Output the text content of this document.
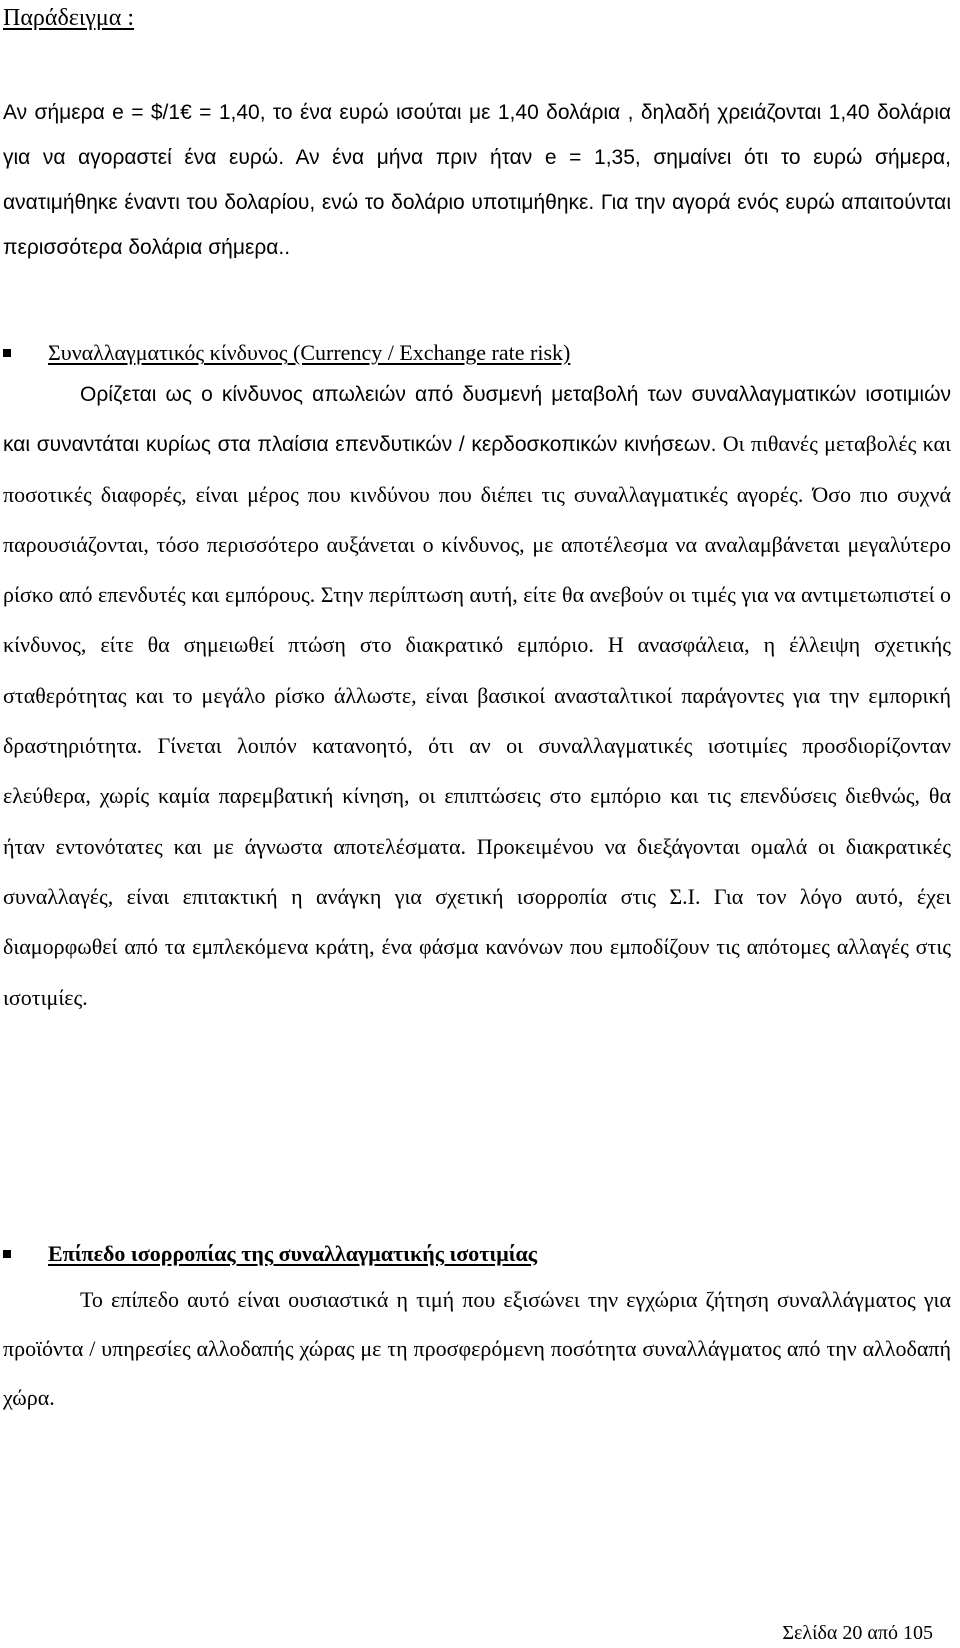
Παράδειγμα :

Αν σήμερα e = $/1€ = 1,40, το ένα ευρώ ισούται με 1,40 δολάρια , δηλαδή χρειάζονται 1,40 δολάρια για να αγοραστεί ένα ευρώ. Αν ένα μήνα πριν ήταν e = 1,35, σημαίνει ότι το ευρώ σήμερα, ανατιμήθηκε έναντι του δολαρίου, ενώ το δολάριο υποτιμήθηκε. Για την αγορά ενός ευρώ απαιτούνται περισσότερα δολάρια σήμερα..

Συναλλαγματικός κίνδυνος (Currency / Exchange rate risk)

Ορίζεται ως ο κίνδυνος απωλειών από δυσμενή μεταβολή των συναλλαγματικών ισοτιμιών και συναντάται κυρίως στα πλαίσια επενδυτικών / κερδοσκοπικών κινήσεων. Οι πιθανές μεταβολές και ποσοτικές διαφορές, είναι μέρος που κινδύνου που διέπει τις συναλλαγματικές αγορές. Όσο πιο συχνά παρουσιάζονται, τόσο περισσότερο αυξάνεται ο κίνδυνος, με αποτέλεσμα να αναλαμβάνεται μεγαλύτερο ρίσκο από επενδυτές και εμπόρους. Στην περίπτωση αυτή, είτε θα ανεβούν οι τιμές για να αντιμετωπιστεί ο κίνδυνος, είτε θα σημειωθεί πτώση στο διακρατικό εμπόριο. Η ανασφάλεια, η έλλειψη σχετικής σταθερότητας και το μεγάλο ρίσκο άλλωστε, είναι βασικοί ανασταλτικοί παράγοντες για την εμπορική δραστηριότητα. Γίνεται λοιπόν κατανοητό, ότι αν οι συναλλαγματικές ισοτιμίες προσδιορίζονταν ελεύθερα, χωρίς καμία παρεμβατική κίνηση, οι επιπτώσεις στο εμπόριο και τις επενδύσεις διεθνώς, θα ήταν εντονότατες και με άγνωστα αποτελέσματα. Προκειμένου να διεξάγονται ομαλά οι διακρατικές συναλλαγές, είναι επιτακτική η ανάγκη για σχετική ισορροπία στις Σ.Ι. Για τον λόγο αυτό, έχει διαμορφωθεί από τα εμπλεκόμενα κράτη, ένα φάσμα κανόνων που εμποδίζουν τις απότομες αλλαγές στις ισοτιμίες.

Επίπεδο ισορροπίας της συναλλαγματικής ισοτιμίας

Το επίπεδο αυτό είναι ουσιαστικά η τιμή που εξισώνει την εγχώρια ζήτηση συναλλάγματος για προϊόντα / υπηρεσίες αλλοδαπής χώρας με τη προσφερόμενη ποσότητα συναλλάγματος από την αλλοδαπή χώρα.

Σελίδα 20 από 105
